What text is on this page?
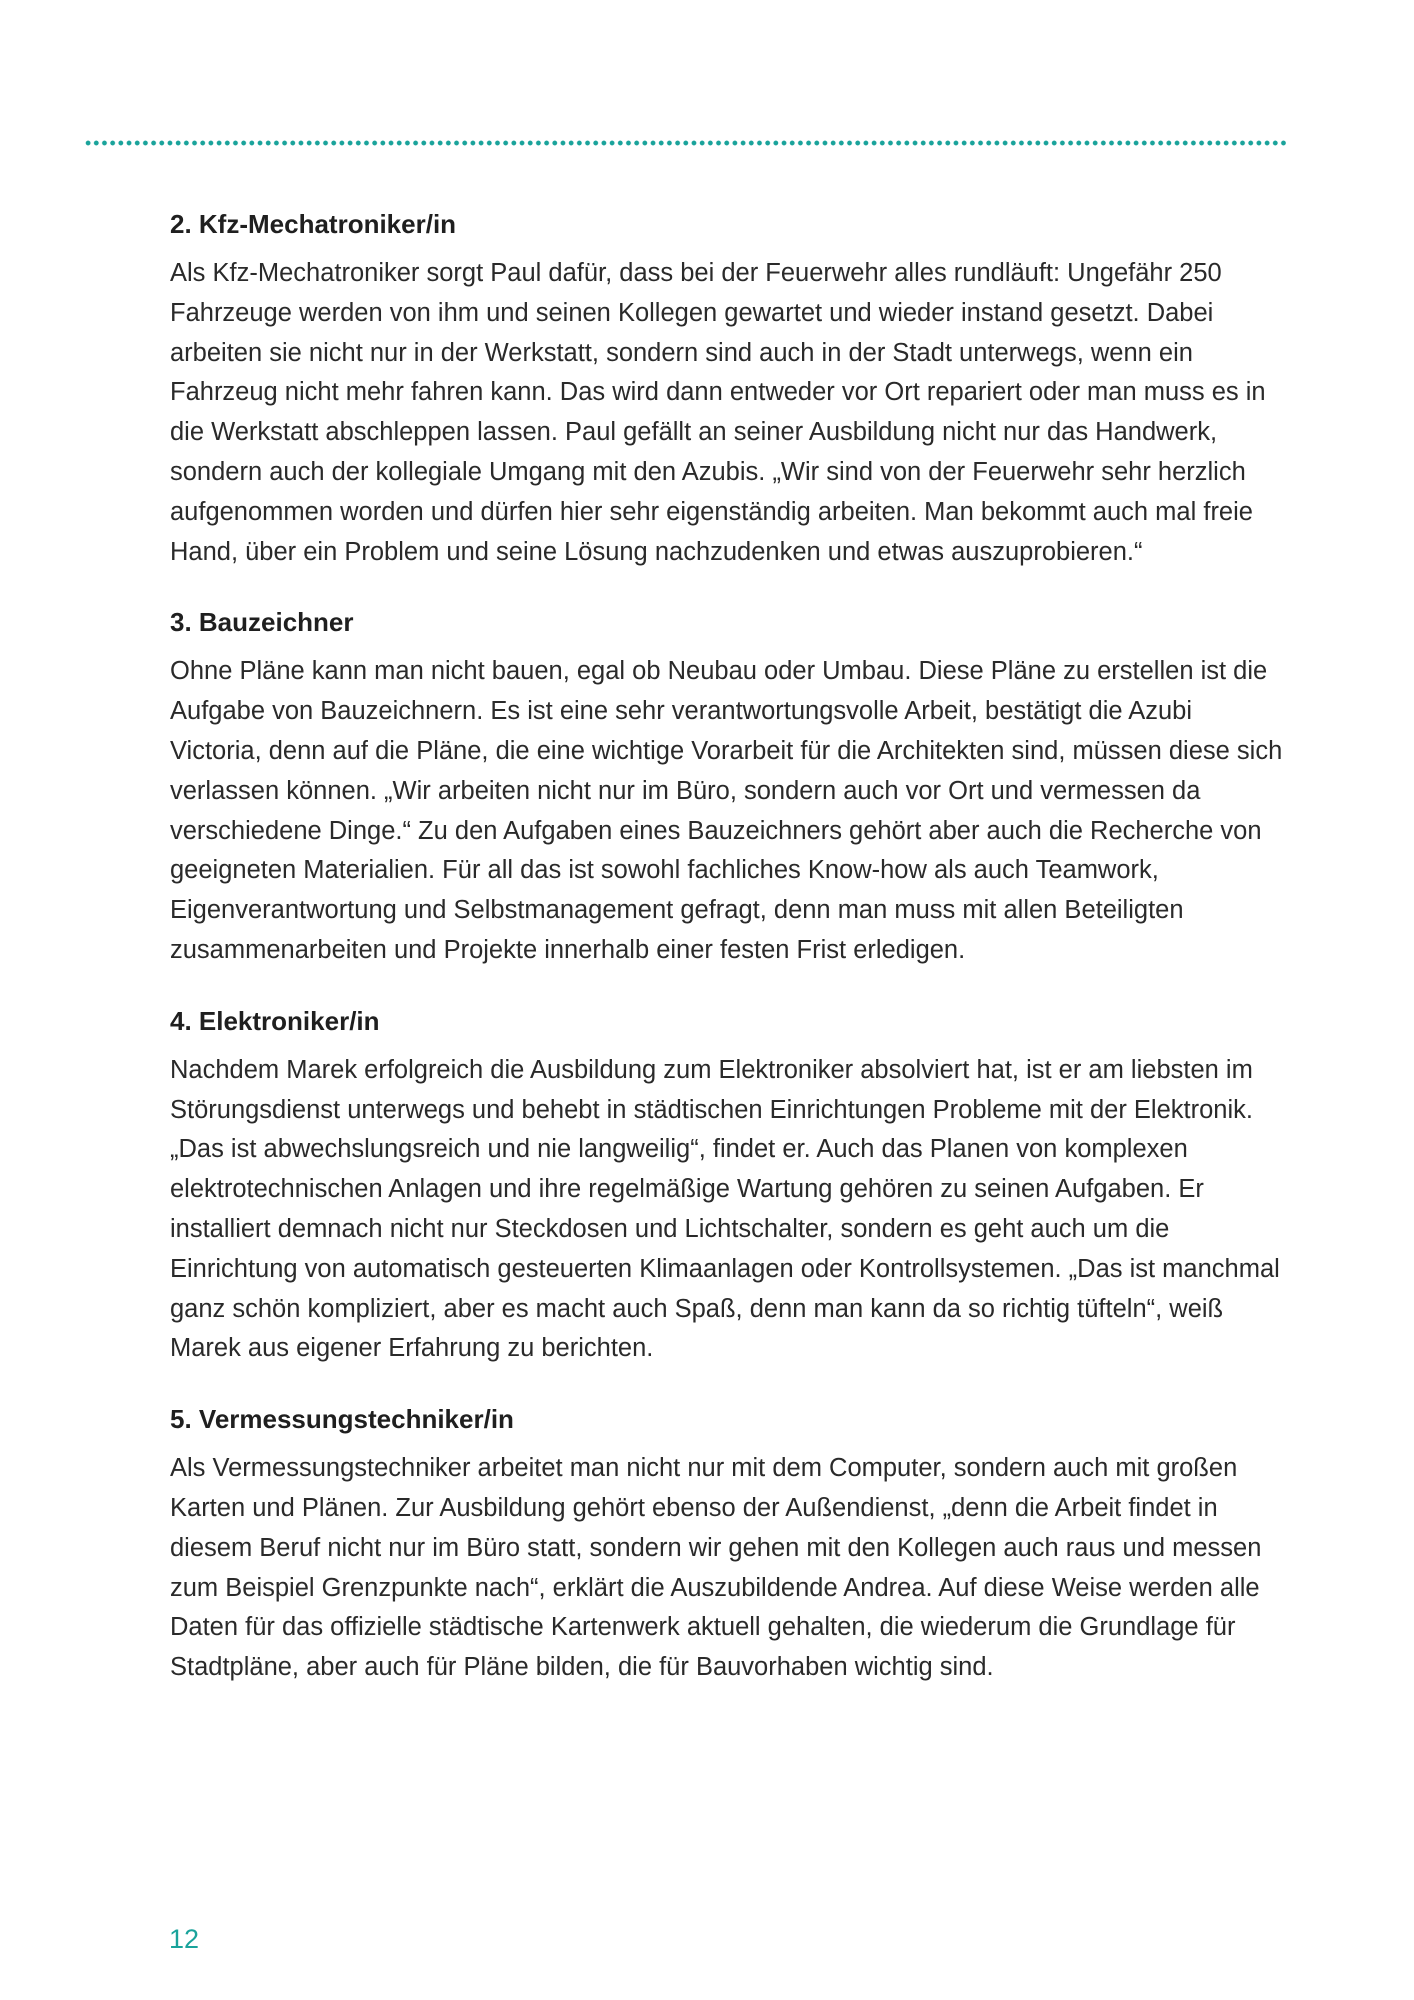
2. Kfz-Mechatroniker/in

Als Kfz-Mechatroniker sorgt Paul dafür, dass bei der Feuerwehr alles rundläuft: Ungefähr 250 Fahrzeuge werden von ihm und seinen Kollegen gewartet und wieder instand gesetzt. Dabei arbeiten sie nicht nur in der Werkstatt, sondern sind auch in der Stadt unterwegs, wenn ein Fahrzeug nicht mehr fahren kann. Das wird dann entweder vor Ort repariert oder man muss es in die Werkstatt abschleppen lassen. Paul gefällt an seiner Ausbildung nicht nur das Handwerk, sondern auch der kollegiale Umgang mit den Azubis. „Wir sind von der Feuerwehr sehr herzlich aufgenommen worden und dürfen hier sehr eigenständig arbeiten. Man bekommt auch mal freie Hand, über ein Problem und seine Lösung nachzudenken und etwas auszuprobieren.“

3. Bauzeichner

Ohne Pläne kann man nicht bauen, egal ob Neubau oder Umbau. Diese Pläne zu erstellen ist die Aufgabe von Bauzeichnern. Es ist eine sehr verantwortungsvolle Arbeit, bestätigt die Azubi Victoria, denn auf die Pläne, die eine wichtige Vorarbeit für die Architekten sind, müssen diese sich verlassen können. „Wir arbeiten nicht nur im Büro, sondern auch vor Ort und vermessen da verschiedene Dinge.“ Zu den Aufgaben eines Bauzeichners gehört aber auch die Recherche von geeigneten Materialien. Für all das ist sowohl fachliches Know-how als auch Teamwork, Eigenverantwortung und Selbstmanagement gefragt, denn man muss mit allen Beteiligten zusammenarbeiten und Projekte innerhalb einer festen Frist erledigen.

4. Elektroniker/in

Nachdem Marek erfolgreich die Ausbildung zum Elektroniker absolviert hat, ist er am liebsten im Störungsdienst unterwegs und behebt in städtischen Einrichtungen Probleme mit der Elektronik. „Das ist abwechslungsreich und nie langweilig“, findet er. Auch das Planen von komplexen elektrotechnischen Anlagen und ihre regelmäßige Wartung gehören zu seinen Aufgaben. Er installiert demnach nicht nur Steckdosen und Lichtschalter, sondern es geht auch um die Einrichtung von automatisch gesteuerten Klimaanlagen oder Kontrollsystemen. „Das ist manchmal ganz schön kompliziert, aber es macht auch Spaß, denn man kann da so richtig tüfteln“, weiß Marek aus eigener Erfahrung zu berichten.

5. Vermessungstechniker/in

Als Vermessungstechniker arbeitet man nicht nur mit dem Computer, sondern auch mit großen Karten und Plänen. Zur Ausbildung gehört ebenso der Außendienst, „denn die Arbeit findet in diesem Beruf nicht nur im Büro statt, sondern wir gehen mit den Kollegen auch raus und messen zum Beispiel Grenzpunkte nach“, erklärt die Auszubildende Andrea. Auf diese Weise werden alle Daten für das offizielle städtische Kartenwerk aktuell gehalten, die wiederum die Grundlage für Stadtpläne, aber auch für Pläne bilden, die für Bauvorhaben wichtig sind.

12
